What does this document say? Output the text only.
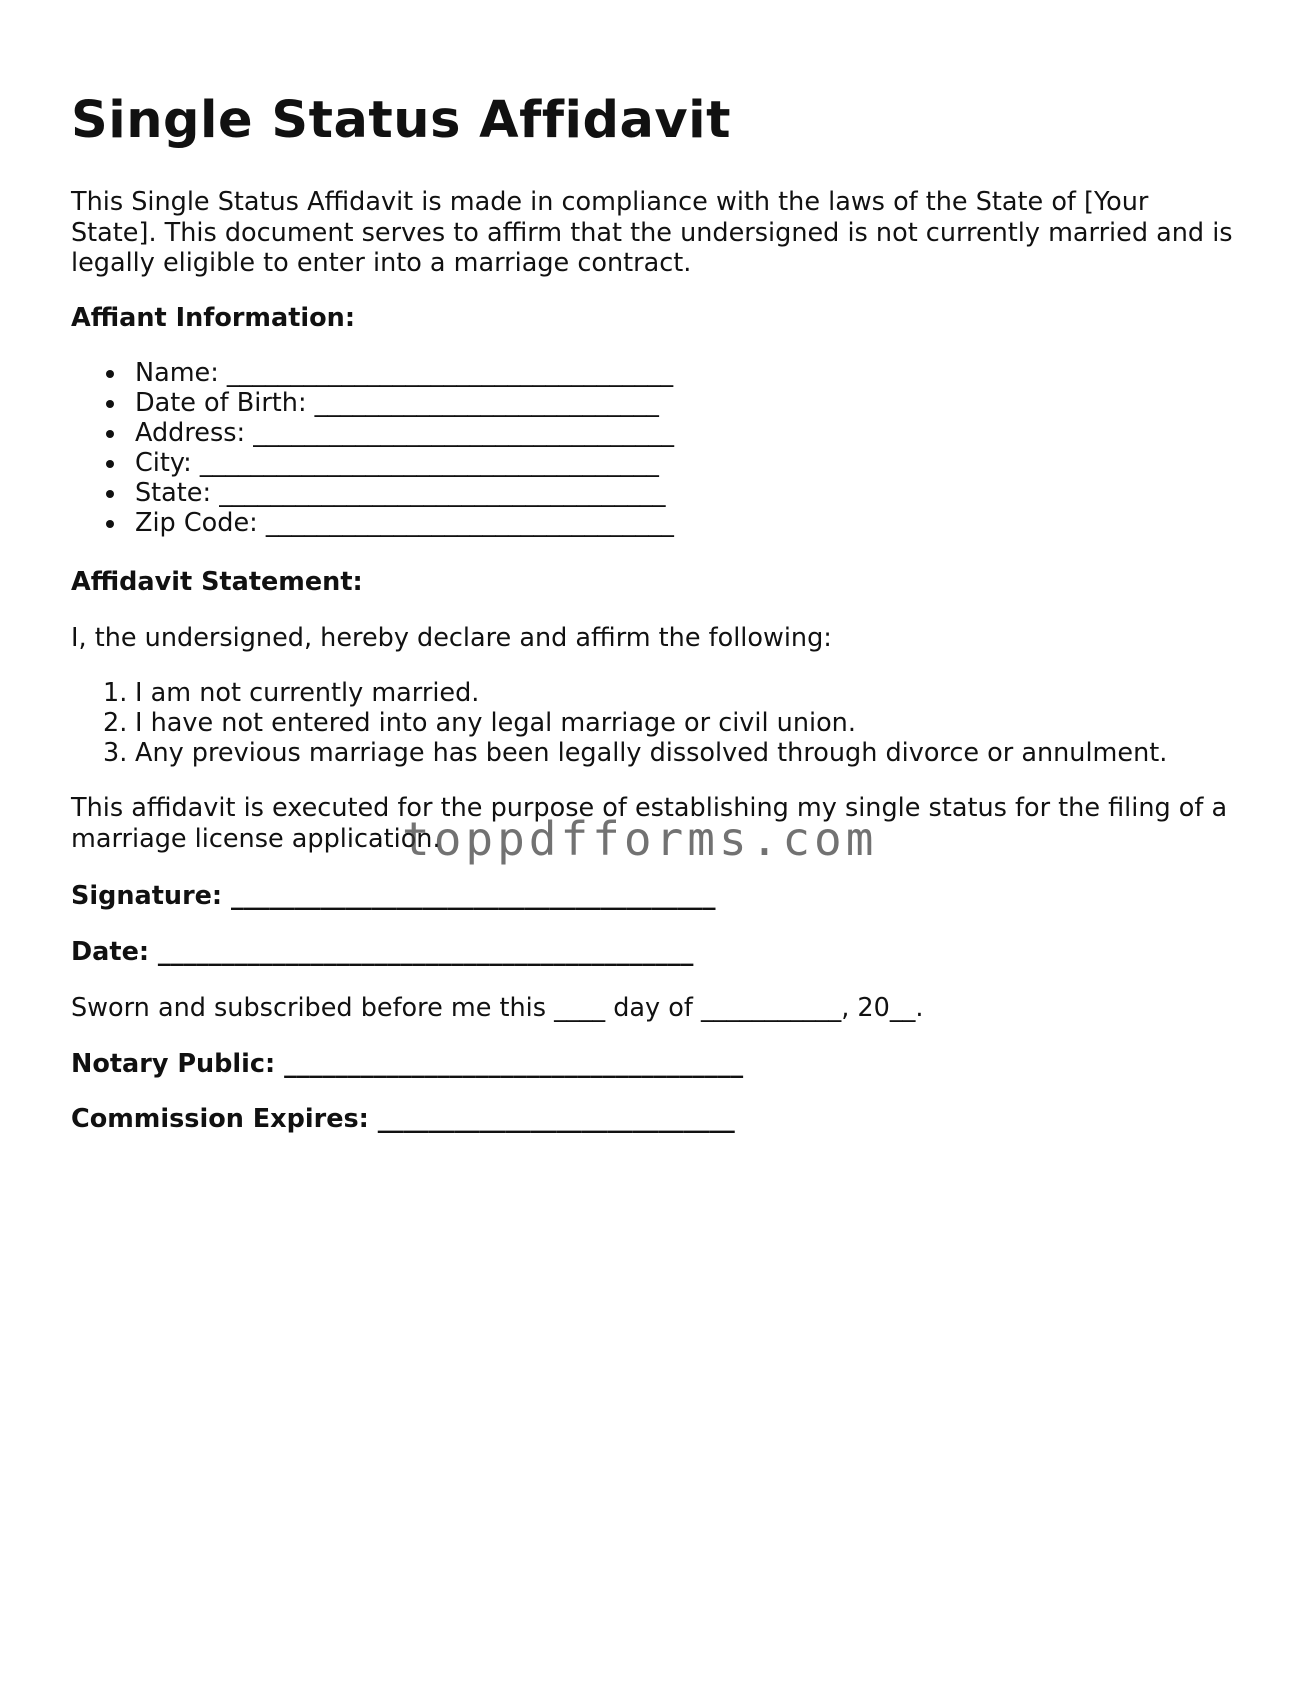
Single Status Affidavit

This Single Status Affidavit is made in compliance with the laws of the State of [Your State]. This document serves to affirm that the undersigned is not currently married and is legally eligible to enter into a marriage contract.

Affiant Information:
Name: ___________________________________
Date of Birth: ___________________________
Address: _________________________________
City: ____________________________________
State: ___________________________________
Zip Code: ________________________________
Affidavit Statement:

I, the undersigned, hereby declare and affirm the following:

1. I am not currently married.
2. I have not entered into any legal marriage or civil union.
3. Any previous marriage has been legally dissolved through divorce or annulment.

This affidavit is executed for the purpose of establishing my single status for the filing of a marriage license application.

Signature: ______________________________________
Date: __________________________________________

Sworn and subscribed before me this ____ day of ___________, 20__.

Notary Public: ____________________________________
Commission Expires: ____________________________
toppdfforms.com
